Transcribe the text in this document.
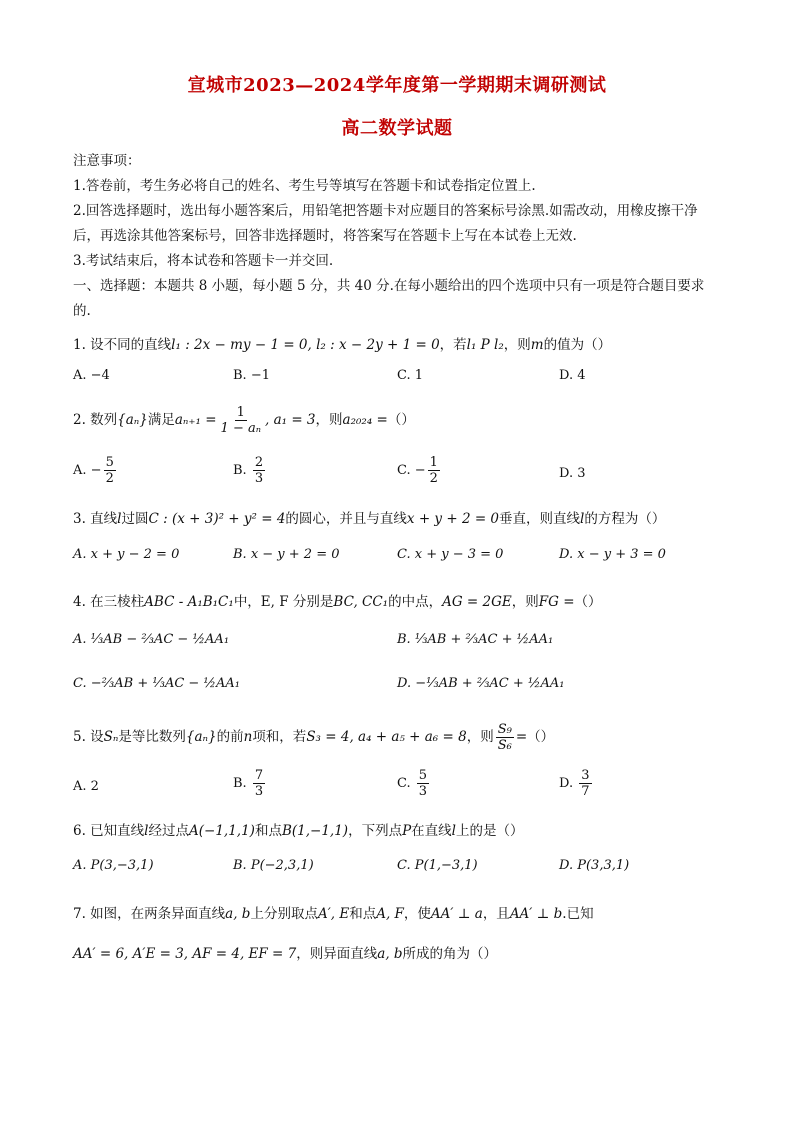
宣城市2023—2024学年度第一学期期末调研测试
高二数学试题
注意事项：
1.答卷前，考生务必将自己的姓名、考生号等填写在答题卡和试卷指定位置上.
2.回答选择题时，选出每小题答案后，用铅笔把答题卡对应题目的答案标号涂黑.如需改动，用橡皮擦干净
后，再选涂其他答案标号，回答非选择题时，将答案写在答题卡上写在本试卷上无效.
3.考试结束后，将本试卷和答题卡一并交回.
一、选择题：本题共 8 小题，每小题 5 分，共 40 分.在每小题给出的四个选项中只有一项是符合题目要求
的.
1. 设不同的直线l₁ : 2x − my − 1 = 0, l₂ : x − 2y + 1 = 0，若l₁ P l₂，则m的值为（）
A. −4	B. −1	C. 1	D. 4
2. 数列{aₙ}满足$a_{n+1} = \frac{1}{\text{1 − aₙ}}$ , a₁ = 3，则a₂₀₂₄ =（）
A. − $\frac{5}{2}$	B. $\frac{2}{3}$	C. − $\frac{1}{2}$	D. 3
3. 直线l过圆C : (x + 3)² + y² = 4的圆心，并且与直线x + y + 2 = 0垂直，则直线l的方程为（）
A. x + y − 2 = 0	B. x − y + 2 = 0	C. x + y − 3 = 0	D. x − y + 3 = 0
4. 在三棱柱ABC - A₁B₁C₁中，E, F 分别是BC, CC₁的中点，AG = 2GE，则FG =（）
A. ⅓AB − ⅔AC − ½AA₁	B. ⅓AB + ⅔AC + ½AA₁
C. −⅔AB + ⅓AC − ½AA₁	D. −⅓AB + ⅔AC + ½AA₁
5. 设Sₙ是等比数列{aₙ}的前n项和，若S₃ = 4, a₄ + a₅ + a₆ = 8，则 $\frac{\text{S₉}}{\text{S₆}}$ =（）
A. 2	B. $\frac{7}{3}$	C. $\frac{5}{3}$	D. $\frac{3}{7}$
6. 已知直线l经过点A(−1,1,1)和点B(1,−1,1)，下列点P在直线l上的是（）
A. P(3,−3,1)	B. P(−2,3,1)	C. P(1,−3,1)	D. P(3,3,1)
7. 如图，在两条异面直线a, b上分别取点A′, E和点A, F，使AA′ ⊥ a，且AA′ ⊥ b.已知
AA′ = 6, A′E = 3, AF = 4, EF = 7，则异面直线a, b所成的角为（）
